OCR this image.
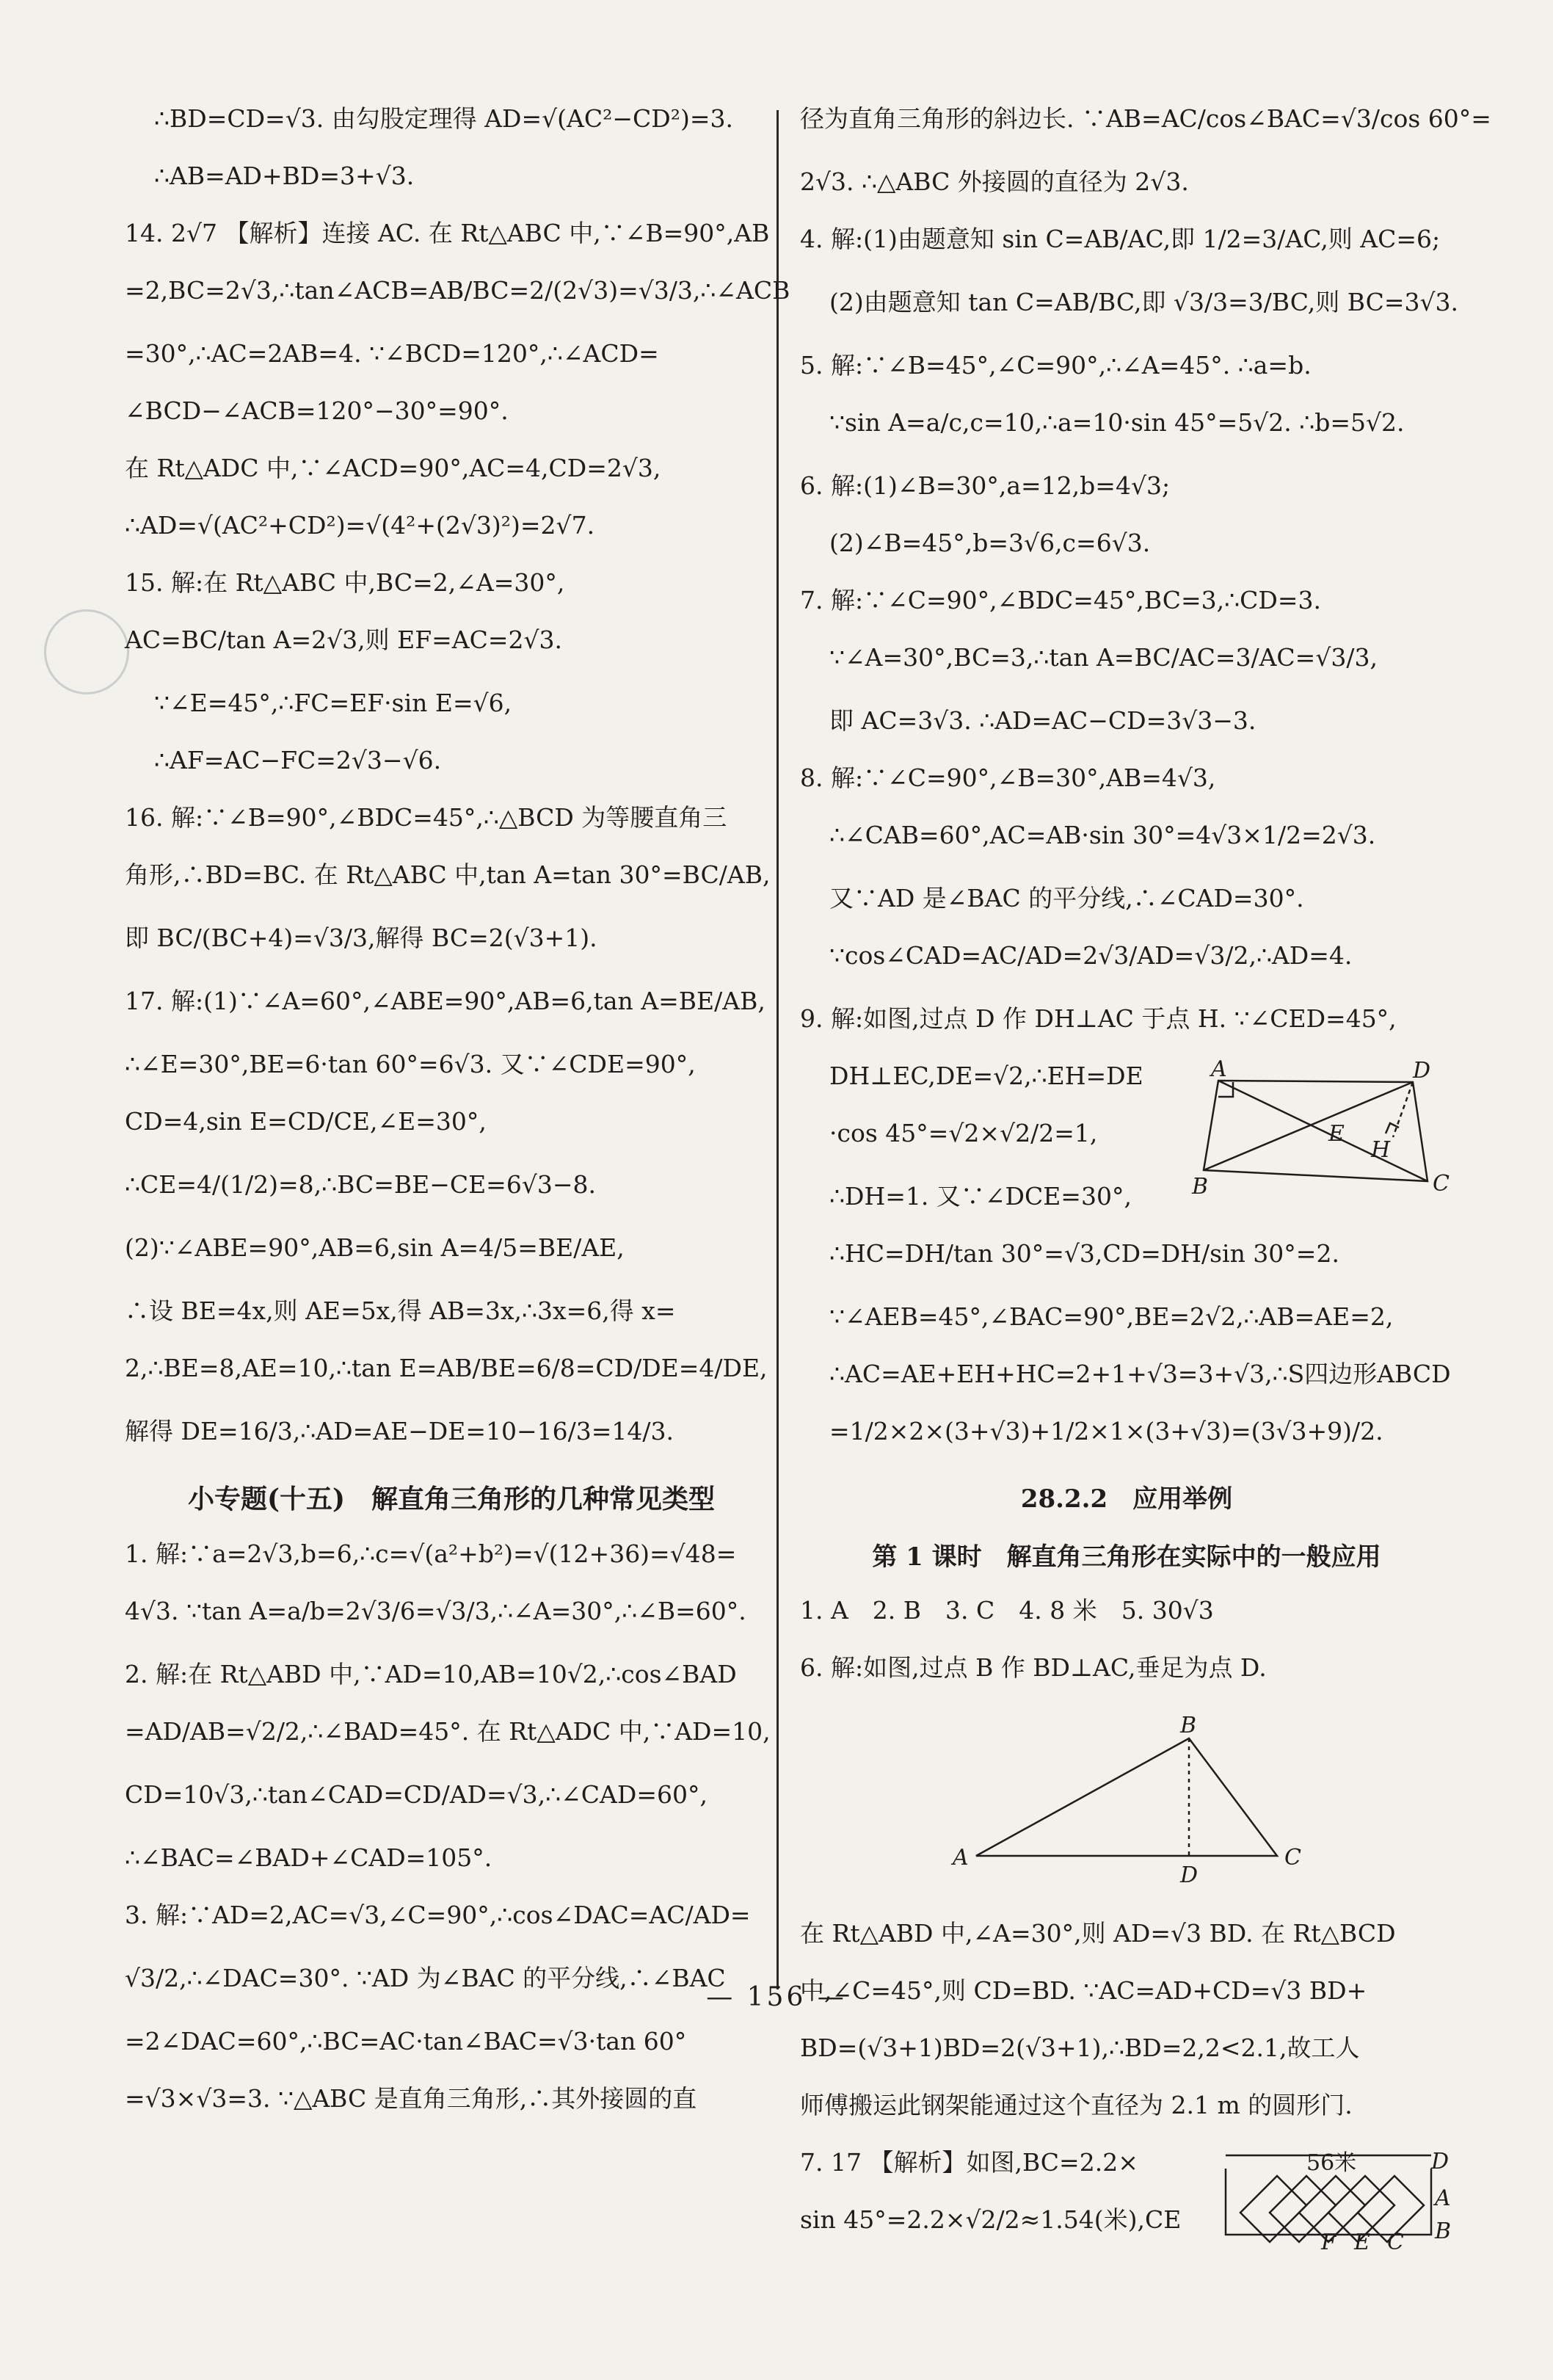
∴BD=CD=√3. 由勾股定理得 AD=√(AC²−CD²)=3.
∴AB=AD+BD=3+√3.
14. 2√7 【解析】连接 AC. 在 Rt△ABC 中,∵∠B=90°,AB
=2,BC=2√3,∴tan∠ACB=AB/BC=2/(2√3)=√3/3,∴∠ACB
=30°,∴AC=2AB=4. ∵∠BCD=120°,∴∠ACD=
∠BCD−∠ACB=120°−30°=90°.
在 Rt△ADC 中,∵∠ACD=90°,AC=4,CD=2√3,
∴AD=√(AC²+CD²)=√(4²+(2√3)²)=2√7.
15. 解:在 Rt△ABC 中,BC=2,∠A=30°,
AC=BC/tan A=2√3,则 EF=AC=2√3.
∵∠E=45°,∴FC=EF·sin E=√6,
∴AF=AC−FC=2√3−√6.
16. 解:∵∠B=90°,∠BDC=45°,∴△BCD 为等腰直角三
角形,∴BD=BC. 在 Rt△ABC 中,tan A=tan 30°=BC/AB,
即 BC/(BC+4)=√3/3,解得 BC=2(√3+1).
17. 解:(1)∵∠A=60°,∠ABE=90°,AB=6,tan A=BE/AB,
∴∠E=30°,BE=6·tan 60°=6√3. 又∵∠CDE=90°,
CD=4,sin E=CD/CE,∠E=30°,
∴CE=4/(1/2)=8,∴BC=BE−CE=6√3−8.
(2)∵∠ABE=90°,AB=6,sin A=4/5=BE/AE,
∴设 BE=4x,则 AE=5x,得 AB=3x,∴3x=6,得 x=
2,∴BE=8,AE=10,∴tan E=AB/BE=6/8=CD/DE=4/DE,
解得 DE=16/3,∴AD=AE−DE=10−16/3=14/3.
小专题(十五)　解直角三角形的几种常见类型
1. 解:∵a=2√3,b=6,∴c=√(a²+b²)=√(12+36)=√48=
4√3. ∵tan A=a/b=2√3/6=√3/3,∴∠A=30°,∴∠B=60°.
2. 解:在 Rt△ABD 中,∵AD=10,AB=10√2,∴cos∠BAD
=AD/AB=√2/2,∴∠BAD=45°. 在 Rt△ADC 中,∵AD=10,
CD=10√3,∴tan∠CAD=CD/AD=√3,∴∠CAD=60°,
∴∠BAC=∠BAD+∠CAD=105°.
3. 解:∵AD=2,AC=√3,∠C=90°,∴cos∠DAC=AC/AD=
√3/2,∴∠DAC=30°. ∵AD 为∠BAC 的平分线,∴∠BAC
=2∠DAC=60°,∴BC=AC·tan∠BAC=√3·tan 60°
=√3×√3=3. ∵△ABC 是直角三角形,∴其外接圆的直
径为直角三角形的斜边长. ∵AB=AC/cos∠BAC=√3/cos 60°=
2√3. ∴△ABC 外接圆的直径为 2√3.
4. 解:(1)由题意知 sin C=AB/AC,即 1/2=3/AC,则 AC=6;
(2)由题意知 tan C=AB/BC,即 √3/3=3/BC,则 BC=3√3.
5. 解:∵∠B=45°,∠C=90°,∴∠A=45°. ∴a=b.
∵sin A=a/c,c=10,∴a=10·sin 45°=5√2. ∴b=5√2.
6. 解:(1)∠B=30°,a=12,b=4√3;
(2)∠B=45°,b=3√6,c=6√3.
7. 解:∵∠C=90°,∠BDC=45°,BC=3,∴CD=3.
∵∠A=30°,BC=3,∴tan A=BC/AC=3/AC=√3/3,
即 AC=3√3. ∴AD=AC−CD=3√3−3.
8. 解:∵∠C=90°,∠B=30°,AB=4√3,
∴∠CAB=60°,AC=AB·sin 30°=4√3×1/2=2√3.
又∵AD 是∠BAC 的平分线,∴∠CAD=30°.
∵cos∠CAD=AC/AD=2√3/AD=√3/2,∴AD=4.
9. 解:如图,过点 D 作 DH⊥AC 于点 H. ∵∠CED=45°,
DH⊥EC,DE=√2,∴EH=DE
·cos 45°=√2×√2/2=1,
∴DH=1. 又∵∠DCE=30°,
A	D
E
H
B	C
∴HC=DH/tan 30°=√3,CD=DH/sin 30°=2.
∵∠AEB=45°,∠BAC=90°,BE=2√2,∴AB=AE=2,
∴AC=AE+EH+HC=2+1+√3=3+√3,∴S四边形ABCD
=1/2×2×(3+√3)+1/2×1×(3+√3)=(3√3+9)/2.
28.2.2　应用举例
第 1 课时　解直角三角形在实际中的一般应用
1. A　2. B　3. C　4. 8 米　5. 30√3
6. 解:如图,过点 B 作 BD⊥AC,垂足为点 D.
B
A
D
C
在 Rt△ABD 中,∠A=30°,则 AD=√3 BD. 在 Rt△BCD
中,∠C=45°,则 CD=BD. ∵AC=AD+CD=√3 BD+
BD=(√3+1)BD=2(√3+1),∴BD=2,2<2.1,故工人
师傅搬运此钢架能通过这个直径为 2.1 m 的圆形门.
7. 17 【解析】如图,BC=2.2×
sin 45°=2.2×√2/2≈1.54(米),CE
56米	D
A
B
F E C
— 156 —
